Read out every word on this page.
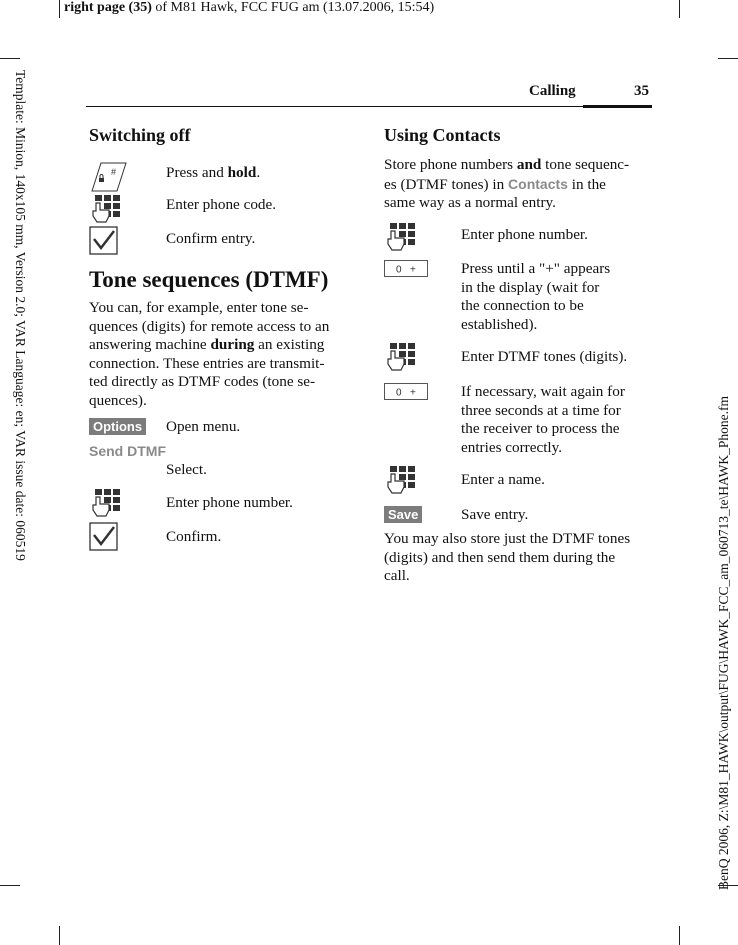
right page (35) of M81 Hawk, FCC FUG am (13.07.2006, 15:54)
Template: Minion, 140x105 mm, Version 2.0; VAR Language: en; VAR issue date: 060519
BenQ 2006, Z:\M81_HAWK\output\FUG\HAWK_FCC_am_060713_te\HAWK_Phone.fm
Calling	35
Switching off
#	Press and hold.
Enter phone code.
Confirm entry.
Tone sequences (DTMF)
You can, for example, enter tone se-
quences (digits) for remote access to an
answering machine during an existing
connection. These entries are transmit-
ted directly as DTMF codes (tone se-
quences).
Options Open menu.
Send DTMF
Select.
Enter phone number.
Confirm.
Using Contacts
Store phone numbers and tone sequenc-
es (DTMF tones) in Contacts in the
same way as a normal entry.
Enter phone number.
0 +	Press until a "+" appears
in the display (wait for
the connection to be
established).
Enter DTMF tones (digits).
0 +	If necessary, wait again for
three seconds at a time for
the receiver to process the
entries correctly.
Enter a name.
Save	Save entry.
You may also store just the DTMF tones
(digits) and then send them during the
call.
